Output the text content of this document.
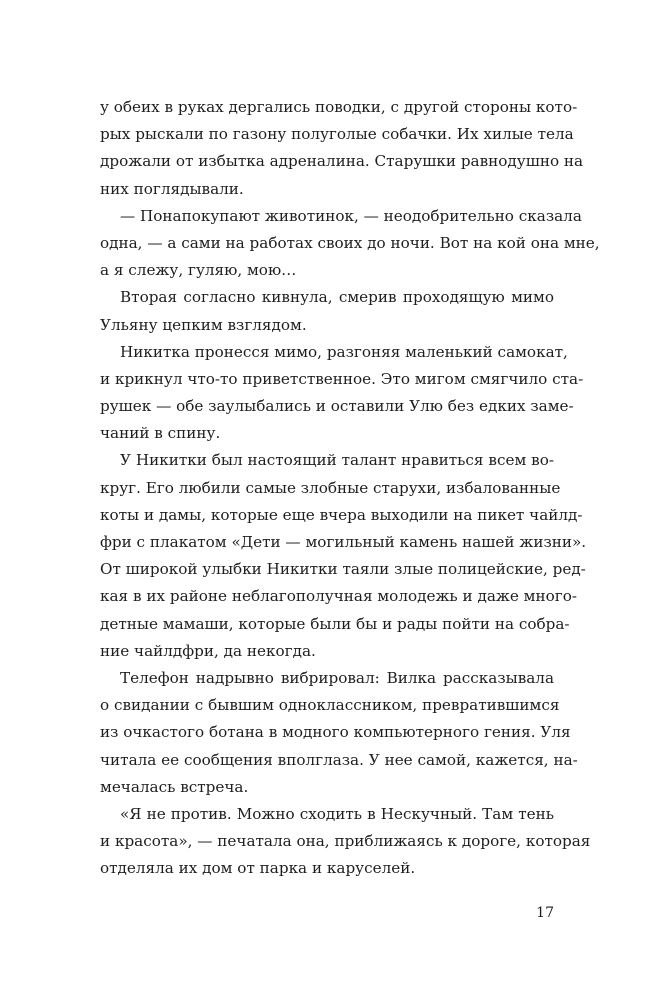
у обеих в руках дергались поводки, с другой стороны кото-
рых рыскали по газону полуголые собачки. Их хилые тела
дрожали от избытка адреналина. Старушки равнодушно на
них поглядывали.
— Понапокупают животинок, — неодобрительно сказала
одна, — а сами на работах своих до ночи. Вот на кой она мне,
а я слежу, гуляю, мою…
Вторая согласно кивнула, смерив проходящую мимо
Ульяну цепким взглядом.
Никитка пронесся мимо, разгоняя маленький самокат,
и крикнул что-то приветственное. Это мигом смягчило ста-
рушек — обе заулыбались и оставили Улю без едких заме-
чаний в спину.
У Никитки был настоящий талант нравиться всем во-
круг. Его любили самые злобные старухи, избалованные
коты и дамы, которые еще вчера выходили на пикет чайлд-
фри с плакатом «Дети — могильный камень нашей жизни».
От широкой улыбки Никитки таяли злые полицейские, ред-
кая в их районе неблагополучная молодежь и даже много-
детные мамаши, которые были бы и рады пойти на собра-
ние чайлдфри, да некогда.
Телефон надрывно вибрировал: Вилка рассказывала
о свидании с бывшим одноклассником, превратившимся
из очкастого ботана в модного компьютерного гения. Уля
читала ее сообщения вполглаза. У нее самой, кажется, на-
мечалась встреча.
«Я не против. Можно сходить в Нескучный. Там тень
и красота», — печатала она, приближаясь к дороге, которая
отделяла их дом от парка и каруселей.
17
